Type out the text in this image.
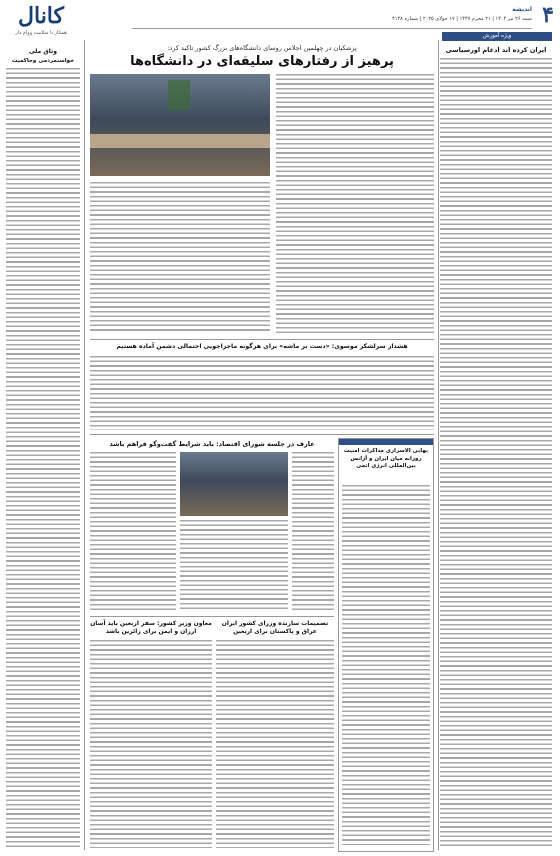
كانال
همکار با سلامت ووام دار
۴
اندیشه
شنبه ۲۶ تیر ۱۴۰۴ | ۲۱ محرم ۱۴۴۷ | ۱۷ جولای ۲۰۲۵ | شماره ۴۱۴۸
ویژه آموزش
ایران کرده اند ادغام اورسیاسی
وثاق ملی
خواستمردمی وحاکمیت
پزشکیان در چهلمین اجلاس روسای دانشگاه‌های بزرگ کشور تاکید کرد:
پرهیز از رفتارهای سلیقه‌ای در دانشگاه‌ها
هشدار سرلشکر موسوی: «دست بر ماشه» برای هرگونه ماجراجویی احتمالی دشمن آماده هستیم
بهایی الاسراری مذاکرات امنیت روزانه میان ایران و آژانس بین‌المللی انرژی اتمی
عارف در جلسه شورای اقتصاد: باید شرایط گفت‌وگو فراهم باشد
تصمیمات سازنده وزرای کشور ایران عراق و پاکستان برای اربعین
معاون وزیر کشور: سفر اربعین باید آسان ارزان و ایمن برای زائرین باشد
